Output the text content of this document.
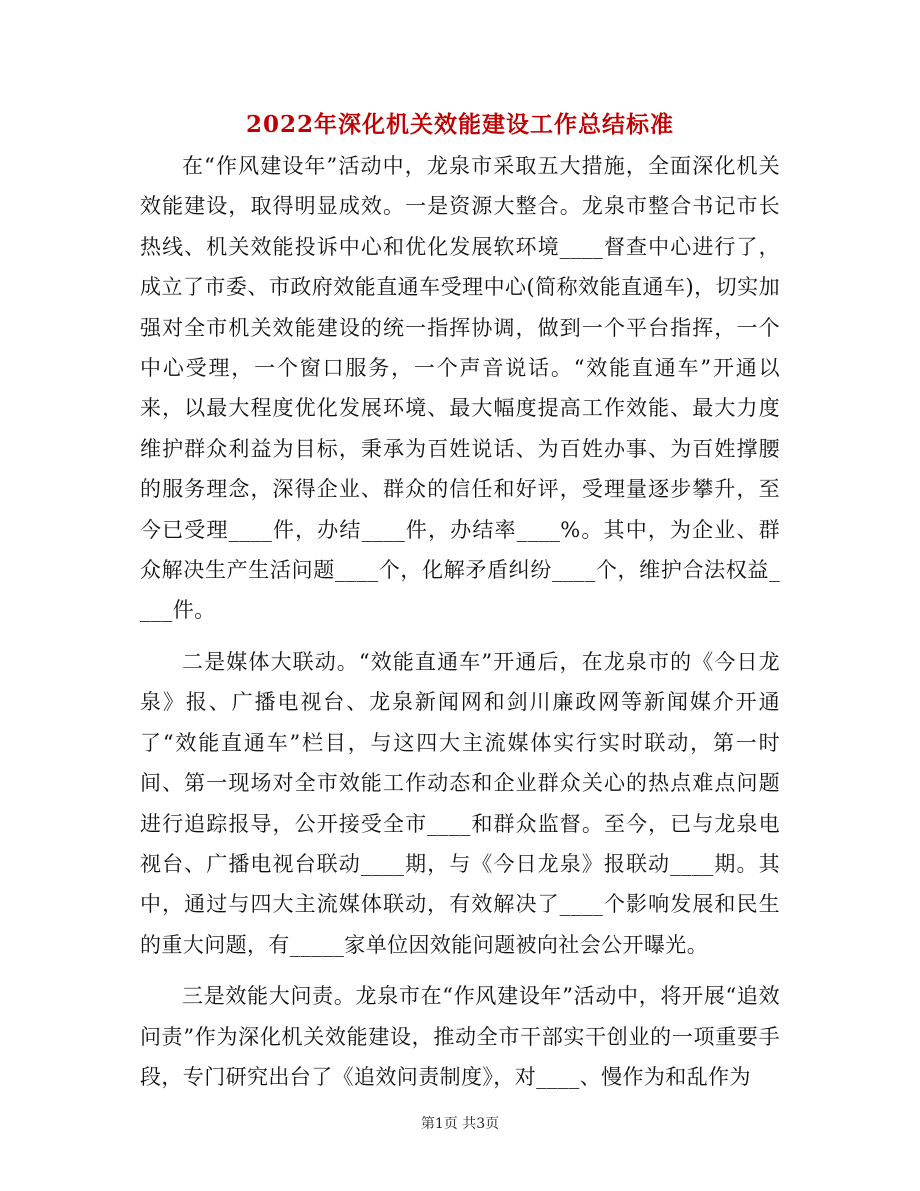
2022年深化机关效能建设工作总结标准

在“作风建设年”活动中，龙泉市采取五大措施，全面深化机关效能建设，取得明显成效。一是资源大整合。龙泉市整合书记市长热线、机关效能投诉中心和优化发展软环境____督查中心进行了，成立了市委、市政府效能直通车受理中心(简称效能直通车)，切实加强对全市机关效能建设的统一指挥协调，做到一个平台指挥，一个中心受理，一个窗口服务，一个声音说话。“效能直通车”开通以来，以最大程度优化发展环境、最大幅度提高工作效能、最大力度维护群众利益为目标，秉承为百姓说话、为百姓办事、为百姓撑腰的服务理念，深得企业、群众的信任和好评，受理量逐步攀升，至今已受理____件，办结____件，办结率____%。其中，为企业、群众解决生产生活问题____个，化解矛盾纠纷____个，维护合法权益____件。

二是媒体大联动。“效能直通车”开通后，在龙泉市的《今日龙泉》报、广播电视台、龙泉新闻网和剑川廉政网等新闻媒介开通了“效能直通车”栏目，与这四大主流媒体实行实时联动，第一时间、第一现场对全市效能工作动态和企业群众关心的热点难点问题进行追踪报导，公开接受全市____和群众监督。至今，已与龙泉电视台、广播电视台联动____期，与《今日龙泉》报联动____期。其中，通过与四大主流媒体联动，有效解决了____个影响发展和民生的重大问题，有_____家单位因效能问题被向社会公开曝光。

三是效能大问责。龙泉市在“作风建设年”活动中，将开展“追效问责”作为深化机关效能建设，推动全市干部实干创业的一项重要手段，专门研究出台了《追效问责制度》，对____、慢作为和乱作为

第1页 共3页
